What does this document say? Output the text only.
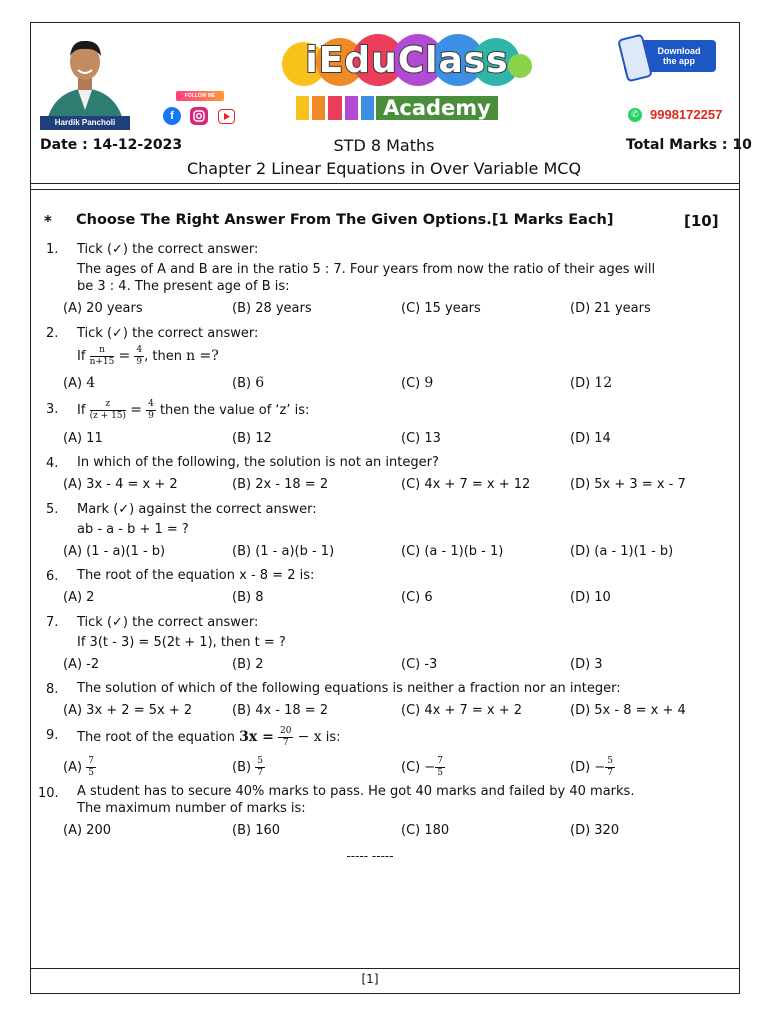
Hardik Pancholi
FOLLOW ME
f
iEduClass
Academy
Download
the app
✆ 9998172257
Date : 14-12-2023	STD 8 Maths	Total Marks : 10
Chapter 2 Linear Equations in Over Variable MCQ
* Choose The Right Answer From The Given Options.[1 Marks Each]	[10]
1. Tick (✓) the correct answer:
The ages of A and B are in the ratio 5 : 7. Four years from now the ratio of their ages will
be 3 : 4. The present age of B is:
(A) 20 years	(B) 28 years	(C) 15 years	(D) 21 years
2. Tick (✓) the correct answer:
If $\frac{n}{n+15} = \frac{4}{9}$ , then n =?
(A) 4	(B) 6	(C) 9	(D) 12
3. If $\frac{z}{(z + 15)} = \frac{4}{9}$ then the value of ‘z’ is:
(A) 11	(B) 12	(C) 13	(D) 14
4. In which of the following, the solution is not an integer?
(A) 3x - 4 = x + 2	(B) 2x - 18 = 2	(C) 4x + 7 = x + 12	(D) 5x + 3 = x - 7
5. Mark (✓) against the correct answer:
ab - a - b + 1 = ?
(A) (1 - a)(1 - b)	(B) (1 - a)(b - 1)	(C) (a - 1)(b - 1)	(D) (a - 1)(1 - b)
6. The root of the equation x - 8 = 2 is:
(A) 2	(B) 8	(C) 6	(D) 10
7. Tick (✓) the correct answer:
If 3(t - 3) = 5(2t + 1), then t = ?
(A) -2	(B) 2	(C) -3	(D) 3
8. The solution of which of the following equations is neither a fraction nor an integer:
(A) 3x + 2 = 5x + 2	(B) 4x - 18 = 2	(C) 4x + 7 = x + 2	(D) 5x - 8 = x + 4
9. The root of the equation $3x = \frac{20}{7} - x$ is:
$(A) \frac{7}{5}$	$(B) \frac{5}{7}$	$(C) - \frac{7}{5}$	$(D) - \frac{5}{7}$
10. A student has to secure 40% marks to pass. He got 40 marks and failed by 40 marks.
The maximum number of marks is:
(A) 200	(B) 160	(C) 180	(D) 320
----- -----
[1]
